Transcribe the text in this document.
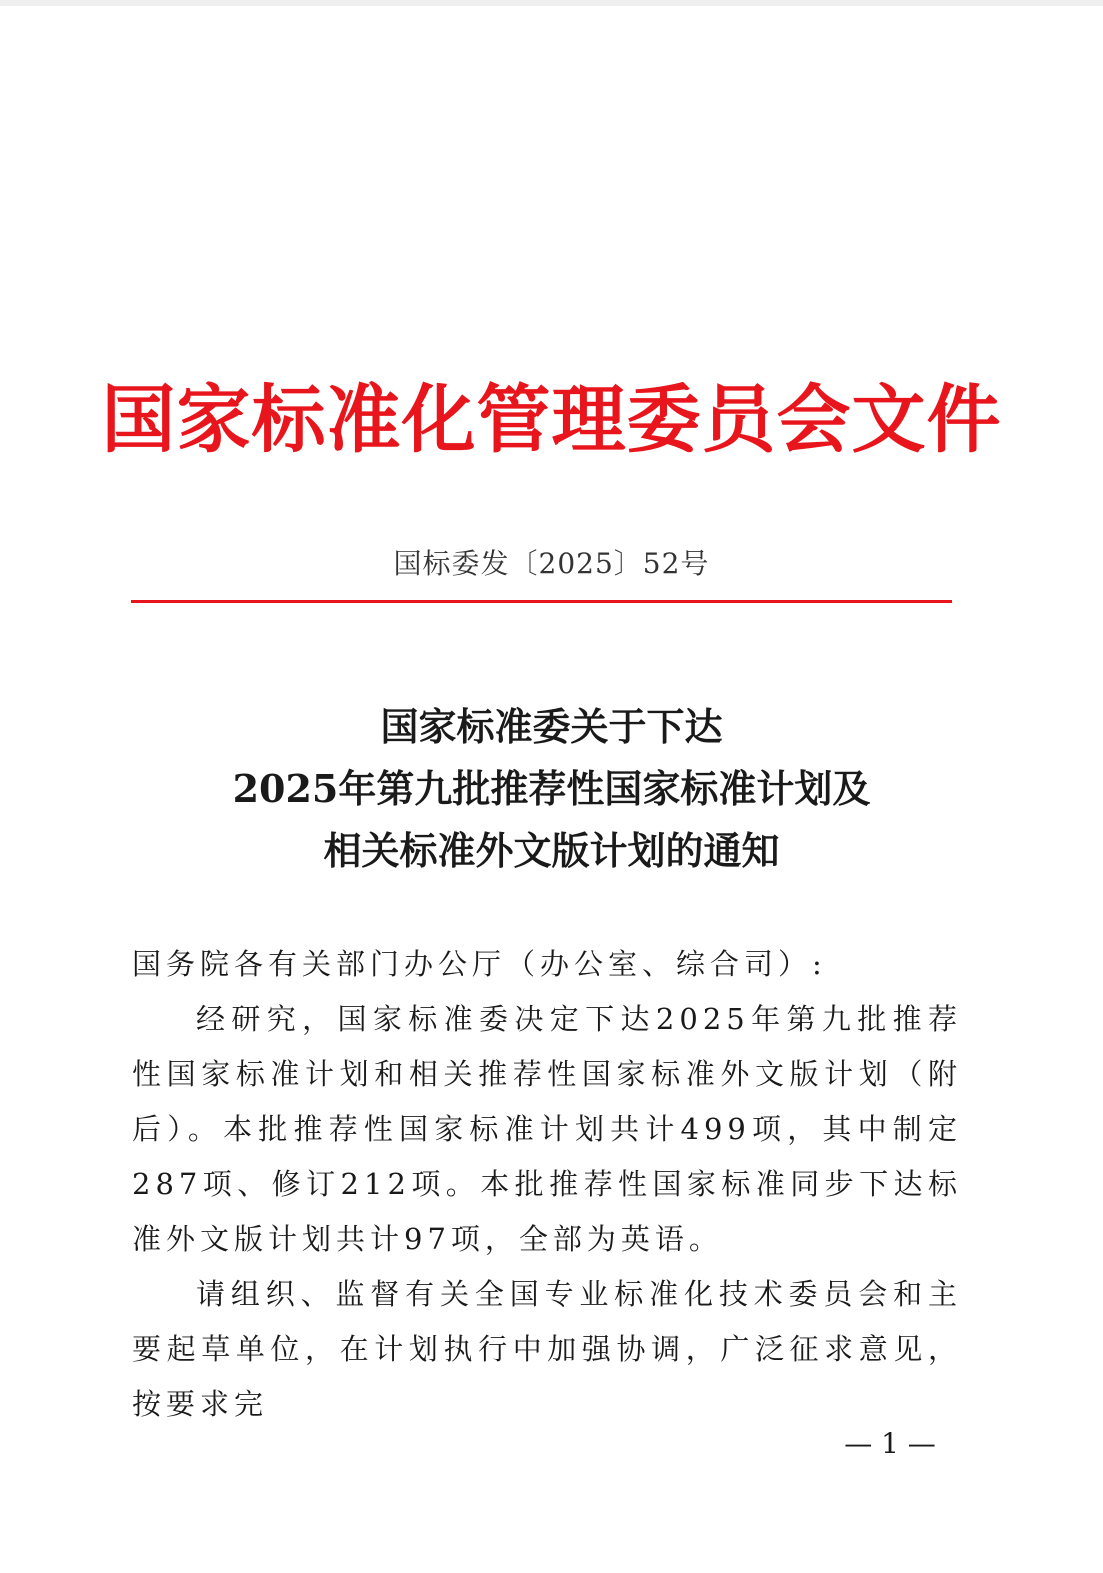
国家标准化管理委员会文件
国标委发〔2025〕52号
国家标准委关于下达
2025年第九批推荐性国家标准计划及
相关标准外文版计划的通知

国务院各有关部门办公厅（办公室、综合司）:

经研究，国家标准委决定下达2025年第九批推荐性国家标准计划和相关推荐性国家标准外文版计划（附后）。本批推荐性国家标准计划共计499项，其中制定287项、修订212项。本批推荐性国家标准同步下达标准外文版计划共计97项，全部为英语。

请组织、监督有关全国专业标准化技术委员会和主要起草单位，在计划执行中加强协调，广泛征求意见，按要求完

— 1 —
